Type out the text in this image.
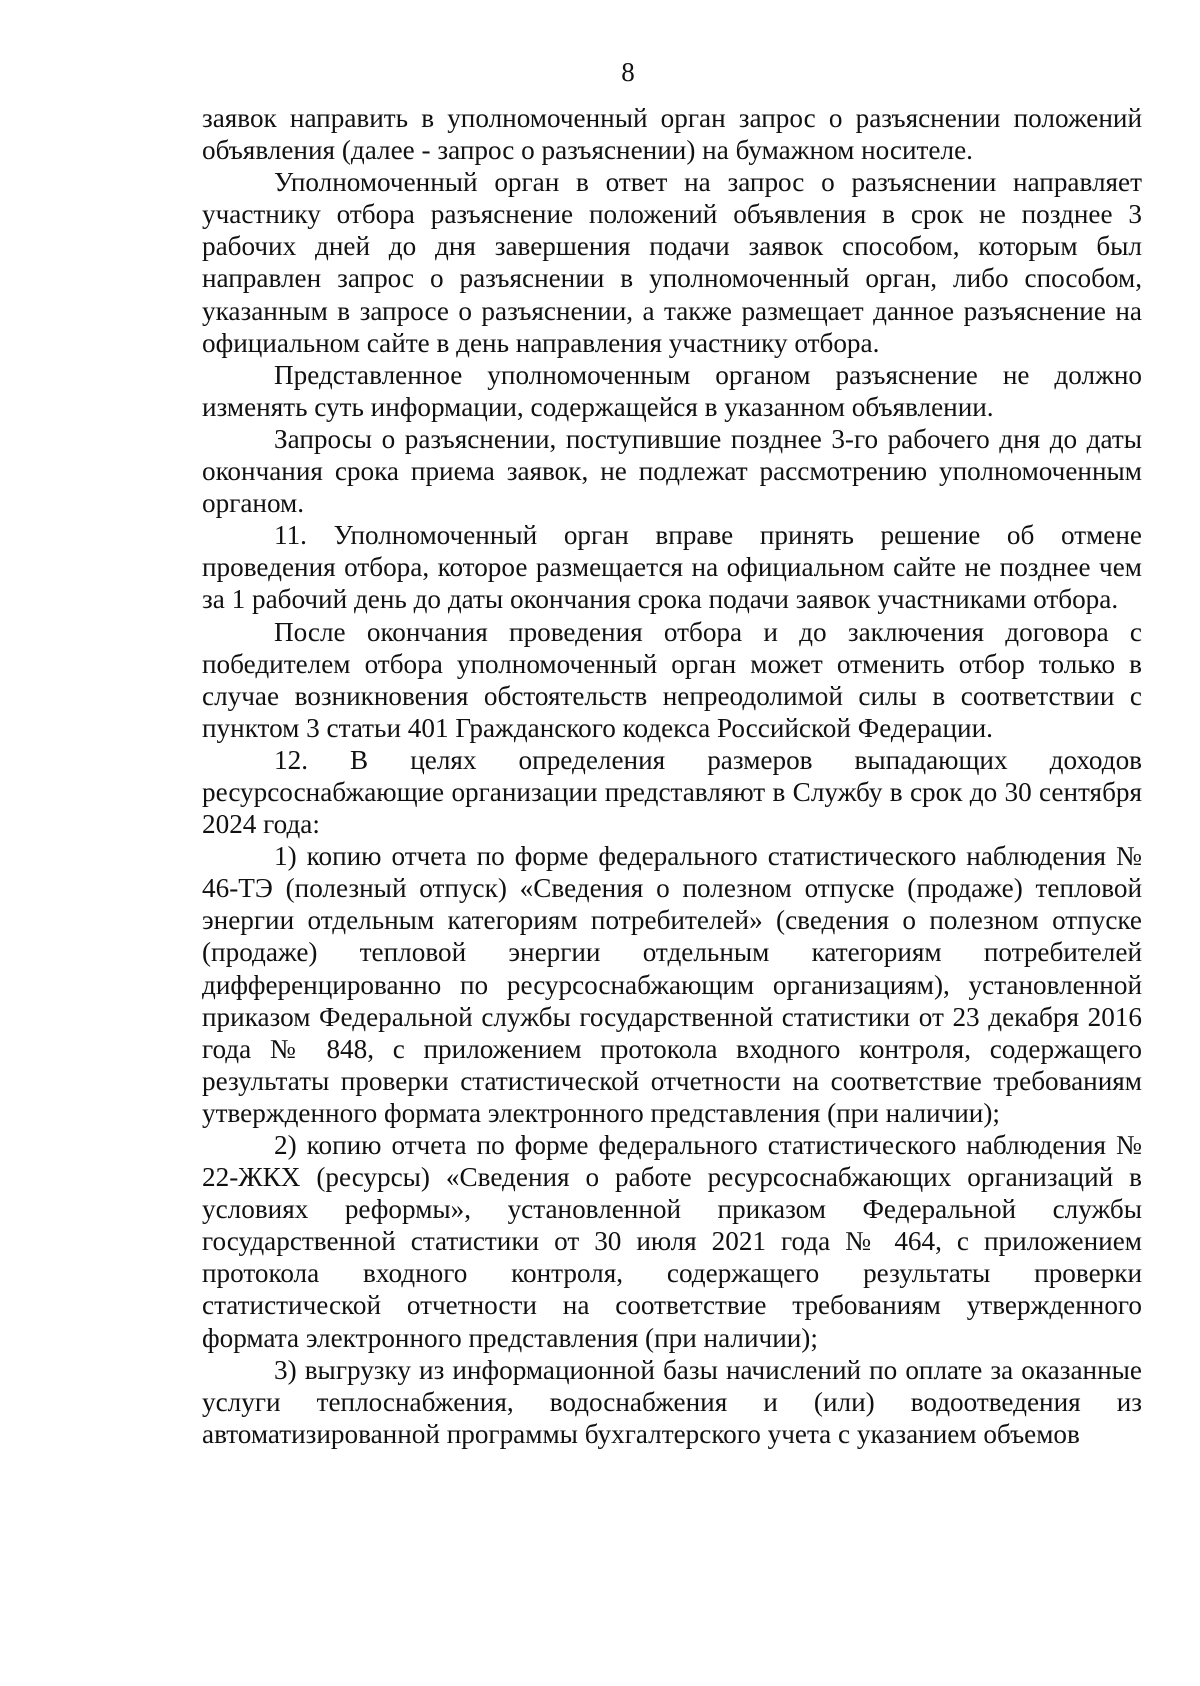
8

заявок направить в уполномоченный орган запрос о разъяснении положений объявления (далее - запрос о разъяснении) на бумажном носителе.

Уполномоченный орган в ответ на запрос о разъяснении направляет участнику отбора разъяснение положений объявления в срок не позднее 3 рабочих дней до дня завершения подачи заявок способом, которым был направлен запрос о разъяснении в уполномоченный орган, либо способом, указанным в запросе о разъяснении, а также размещает данное разъяснение на официальном сайте в день направления участнику отбора.

Представленное уполномоченным органом разъяснение не должно изменять суть информации, содержащейся в указанном объявлении.

Запросы о разъяснении, поступившие позднее 3-го рабочего дня до даты окончания срока приема заявок, не подлежат рассмотрению уполномоченным органом.

11. Уполномоченный орган вправе принять решение об отмене проведения отбора, которое размещается на официальном сайте не позднее чем за 1 рабочий день до даты окончания срока подачи заявок участниками отбора.

После окончания проведения отбора и до заключения договора с победителем отбора уполномоченный орган может отменить отбор только в случае возникновения обстоятельств непреодолимой силы в соответствии с пунктом 3 статьи 401 Гражданского кодекса Российской Федерации.

12. В целях определения размеров выпадающих доходов ресурсоснабжающие организации представляют в Службу в срок до 30 сентября 2024 года:

1) копию отчета по форме федерального статистического наблюдения № 46-ТЭ (полезный отпуск) «Сведения о полезном отпуске (продаже) тепловой энергии отдельным категориям потребителей» (сведения о полезном отпуске (продаже) тепловой энергии отдельным категориям потребителей дифференцированно по ресурсоснабжающим организациям), установленной приказом Федеральной службы государственной статистики от 23 декабря 2016 года № 848, с приложением протокола входного контроля, содержащего результаты проверки статистической отчетности на соответствие требованиям утвержденного формата электронного представления (при наличии);

2) копию отчета по форме федерального статистического наблюдения № 22-ЖКХ (ресурсы) «Сведения о работе ресурсоснабжающих организаций в условиях реформы», установленной приказом Федеральной службы государственной статистики от 30 июля 2021 года № 464, с приложением протокола входного контроля, содержащего результаты проверки статистической отчетности на соответствие требованиям утвержденного формата электронного представления (при наличии);

3) выгрузку из информационной базы начислений по оплате за оказанные услуги теплоснабжения, водоснабжения и (или) водоотведения из автоматизированной программы бухгалтерского учета с указанием объемов
